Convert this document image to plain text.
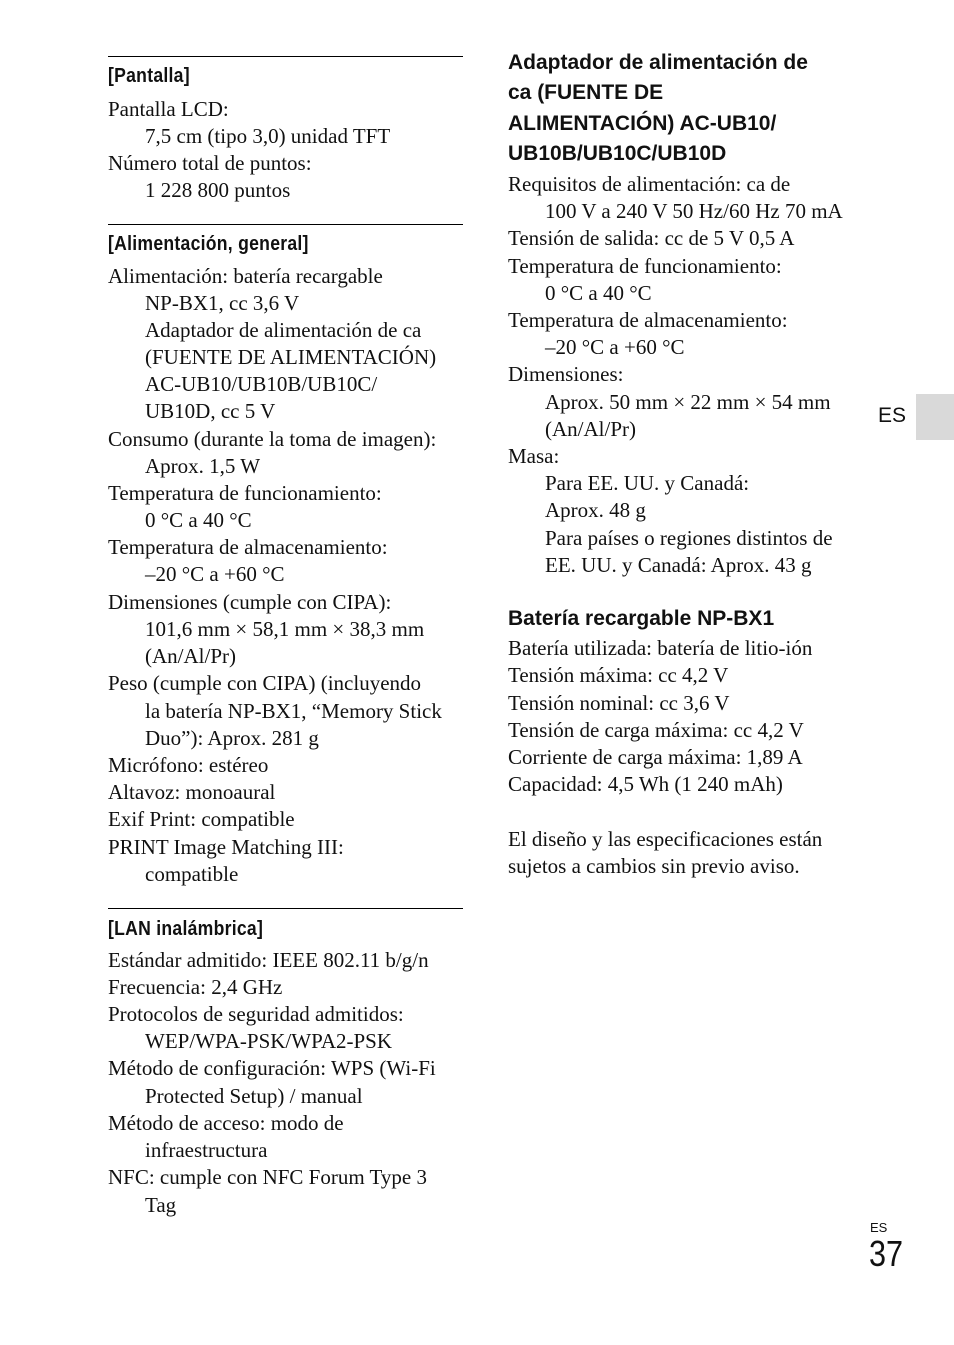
[Pantalla]
Pantalla LCD:
7,5 cm (tipo 3,0) unidad TFT
Número total de puntos:
1 228 800 puntos
[Alimentación, general]
Alimentación: batería recargable
NP-BX1, cc 3,6 V
Adaptador de alimentación de ca
(FUENTE DE ALIMENTACIÓN)
AC-UB10/UB10B/UB10C/
UB10D, cc 5 V
Consumo (durante la toma de imagen):
Aprox. 1,5 W
Temperatura de funcionamiento:
0 °C a 40 °C
Temperatura de almacenamiento:
–20 °C a +60 °C
Dimensiones (cumple con CIPA):
101,6 mm × 58,1 mm × 38,3 mm
(An/Al/Pr)
Peso (cumple con CIPA) (incluyendo
la batería NP-BX1, “Memory Stick
Duo”): Aprox. 281 g
Micrófono: estéreo
Altavoz: monoaural
Exif Print: compatible
PRINT Image Matching III:
compatible
[LAN inalámbrica]
Estándar admitido: IEEE 802.11 b/g/n
Frecuencia: 2,4 GHz
Protocolos de seguridad admitidos:
WEP/WPA-PSK/WPA2-PSK
Método de configuración: WPS (Wi-Fi
Protected Setup) / manual
Método de acceso: modo de
infraestructura
NFC: cumple con NFC Forum Type 3
Tag
Adaptador de alimentación de
ca (FUENTE DE
ALIMENTACIÓN) AC-UB10/
UB10B/UB10C/UB10D
Requisitos de alimentación: ca de
100 V a 240 V 50 Hz/60 Hz 70 mA
Tensión de salida: cc de 5 V 0,5 A
Temperatura de funcionamiento:
0 °C a 40 °C
Temperatura de almacenamiento:
–20 °C a +60 °C
Dimensiones:
Aprox. 50 mm × 22 mm × 54 mm
(An/Al/Pr)
Masa:
Para EE. UU. y Canadá:
Aprox. 48 g
Para países o regiones distintos de
EE. UU. y Canadá: Aprox. 43 g
Batería recargable NP-BX1
Batería utilizada: batería de litio-ión
Tensión máxima: cc 4,2 V
Tensión nominal: cc 3,6 V
Tensión de carga máxima: cc 4,2 V
Corriente de carga máxima: 1,89 A
Capacidad: 4,5 Wh (1 240 mAh)
El diseño y las especificaciones están
sujetos a cambios sin previo aviso.
ES
ES
37
